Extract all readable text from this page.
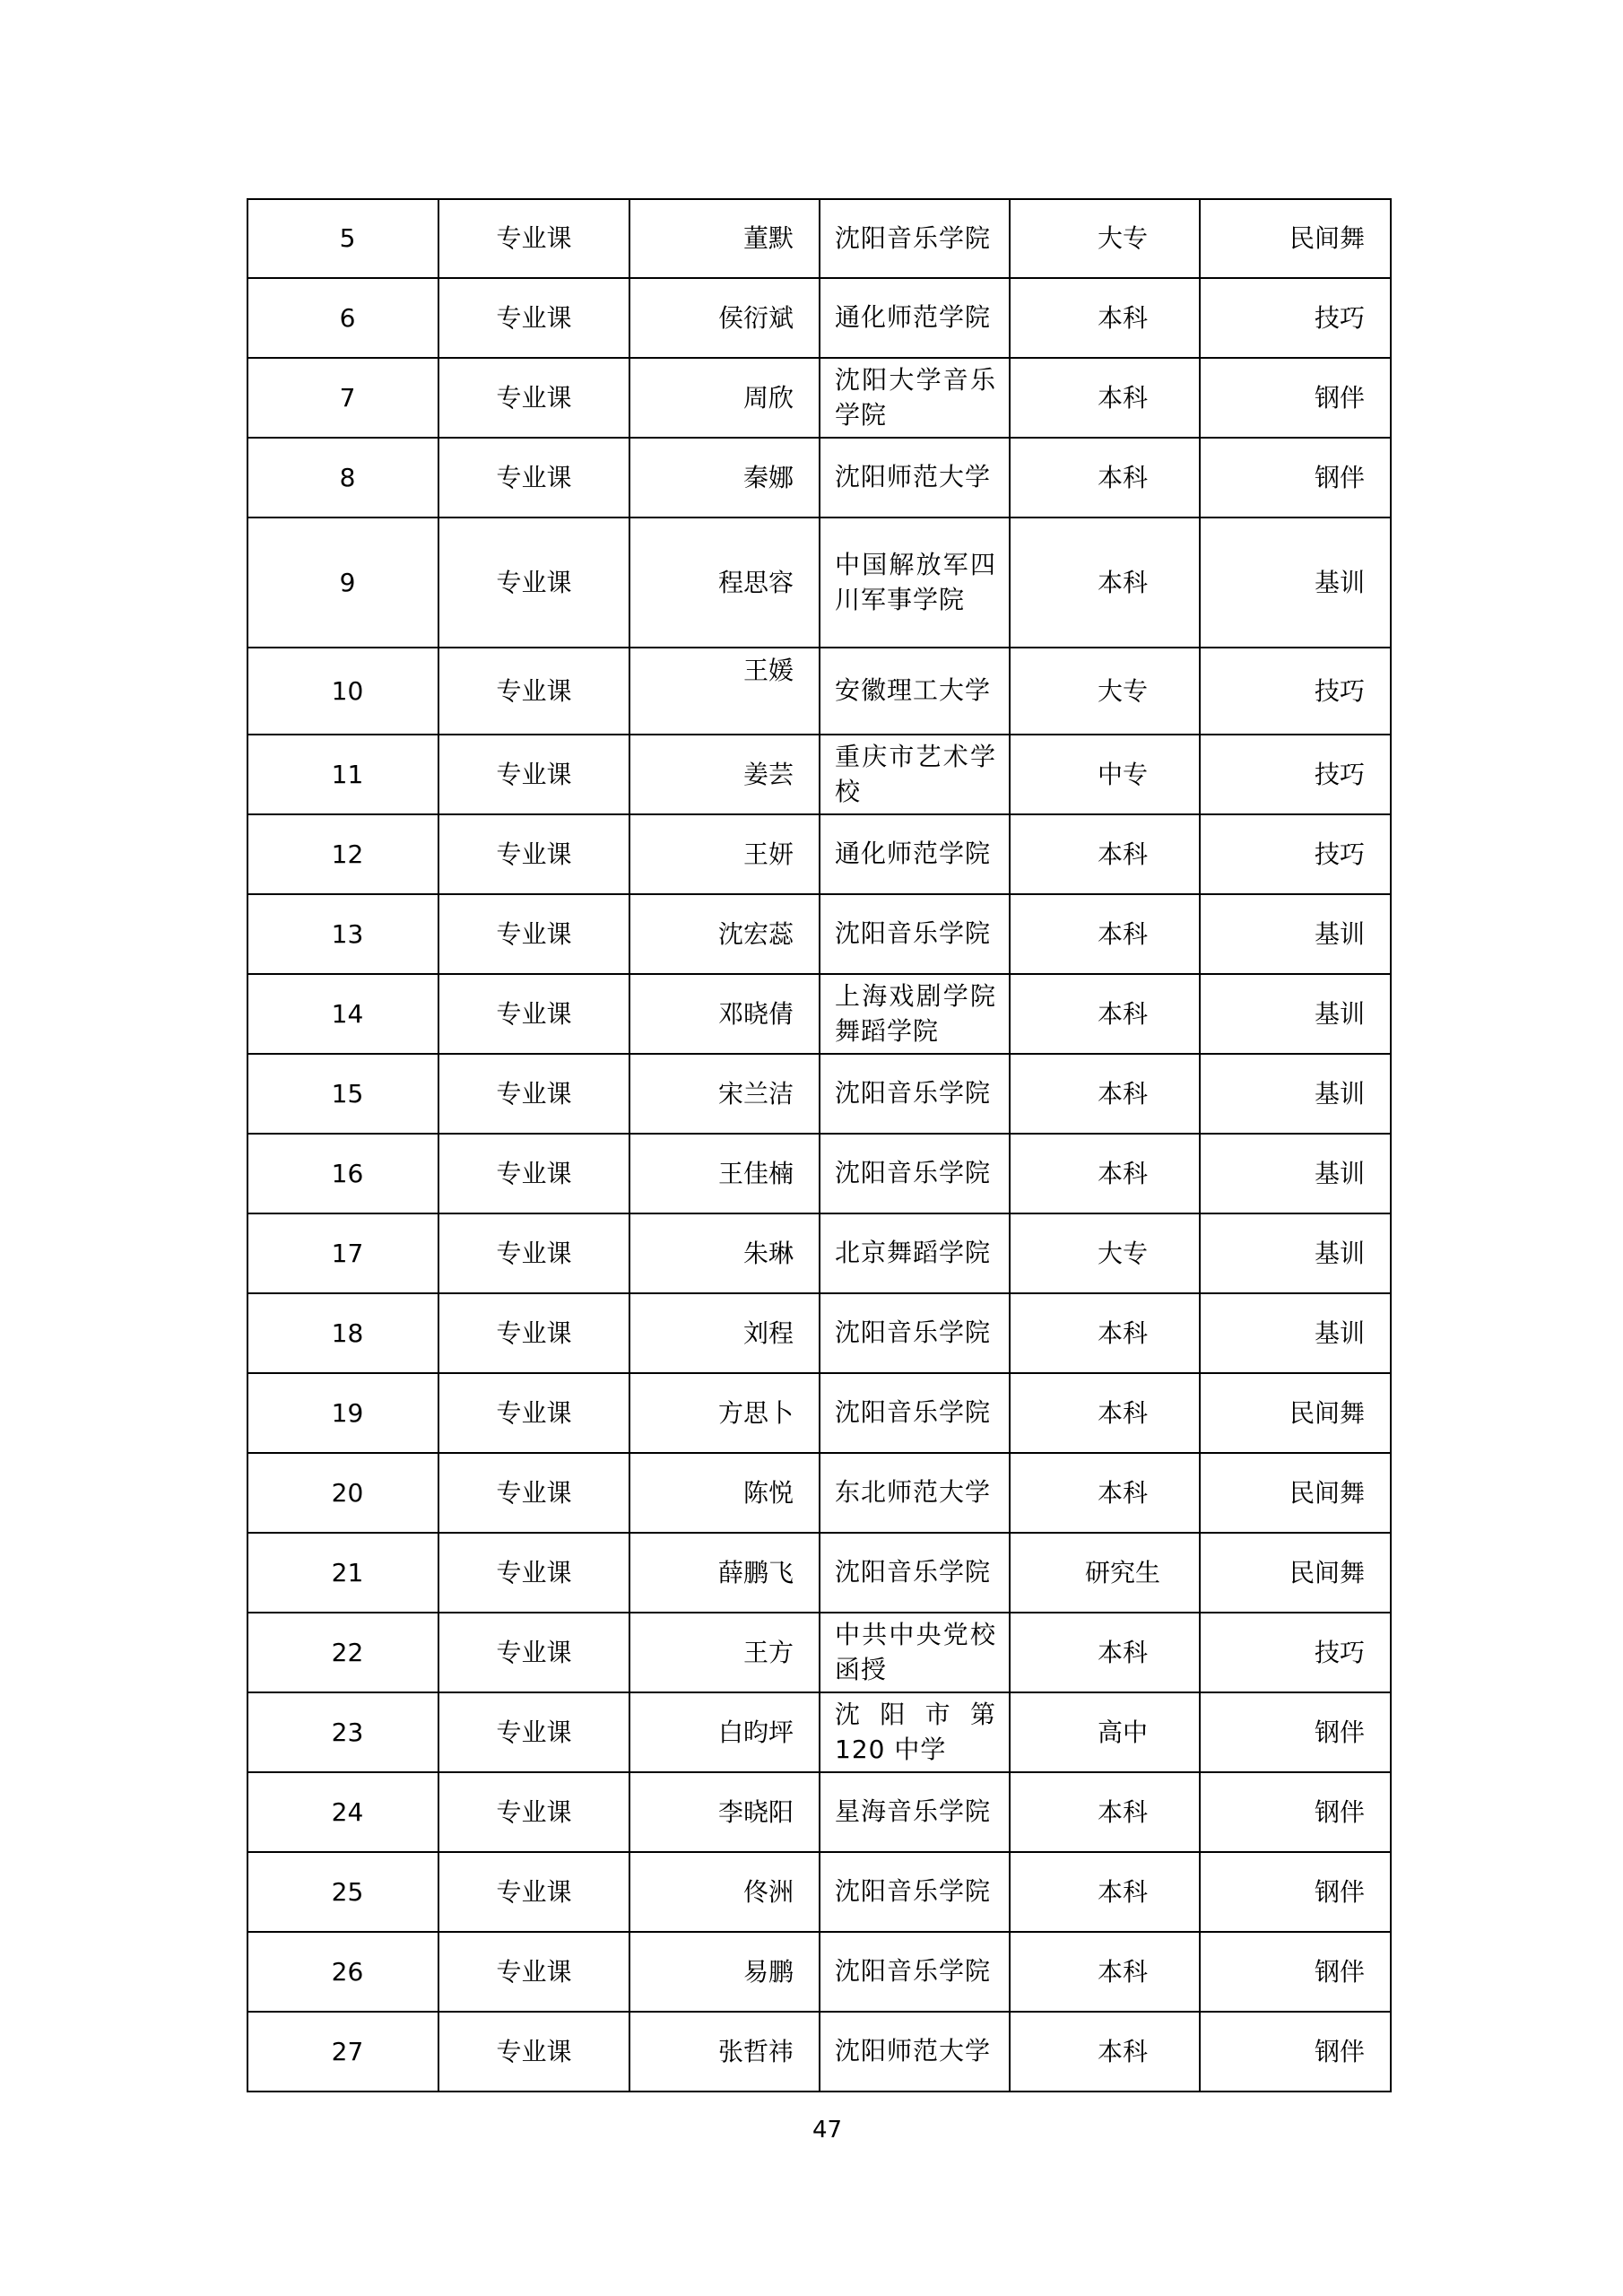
5	专业课	董默	沈阳音乐学院	大专	民间舞
6	专业课	侯衍斌	通化师范学院	本科	技巧
7	专业课	周欣	沈阳大学音乐学院	本科	钢伴
8	专业课	秦娜	沈阳师范大学	本科	钢伴
9	专业课	程思容	中国解放军四川军事学院	本科	基训
10	专业课	王媛	安徽理工大学	大专	技巧
11	专业课	姜芸	重庆市艺术学校	中专	技巧
12	专业课	王妍	通化师范学院	本科	技巧
13	专业课	沈宏蕊	沈阳音乐学院	本科	基训
14	专业课	邓晓倩	上海戏剧学院舞蹈学院	本科	基训
15	专业课	宋兰洁	沈阳音乐学院	本科	基训
16	专业课	王佳楠	沈阳音乐学院	本科	基训
17	专业课	朱琳	北京舞蹈学院	大专	基训
18	专业课	刘程	沈阳音乐学院	本科	基训
19	专业课	方思卜	沈阳音乐学院	本科	民间舞
20	专业课	陈悦	东北师范大学	本科	民间舞
21	专业课	薛鹏飞	沈阳音乐学院	研究生	民间舞
22	专业课	王方	中共中央党校函授	本科	技巧
23	专业课	白昀坪	沈阳市第 120 中学	高中	钢伴
24	专业课	李晓阳	星海音乐学院	本科	钢伴
25	专业课	佟洲	沈阳音乐学院	本科	钢伴
26	专业课	易鹏	沈阳音乐学院	本科	钢伴
27	专业课	张哲祎	沈阳师范大学	本科	钢伴
47
